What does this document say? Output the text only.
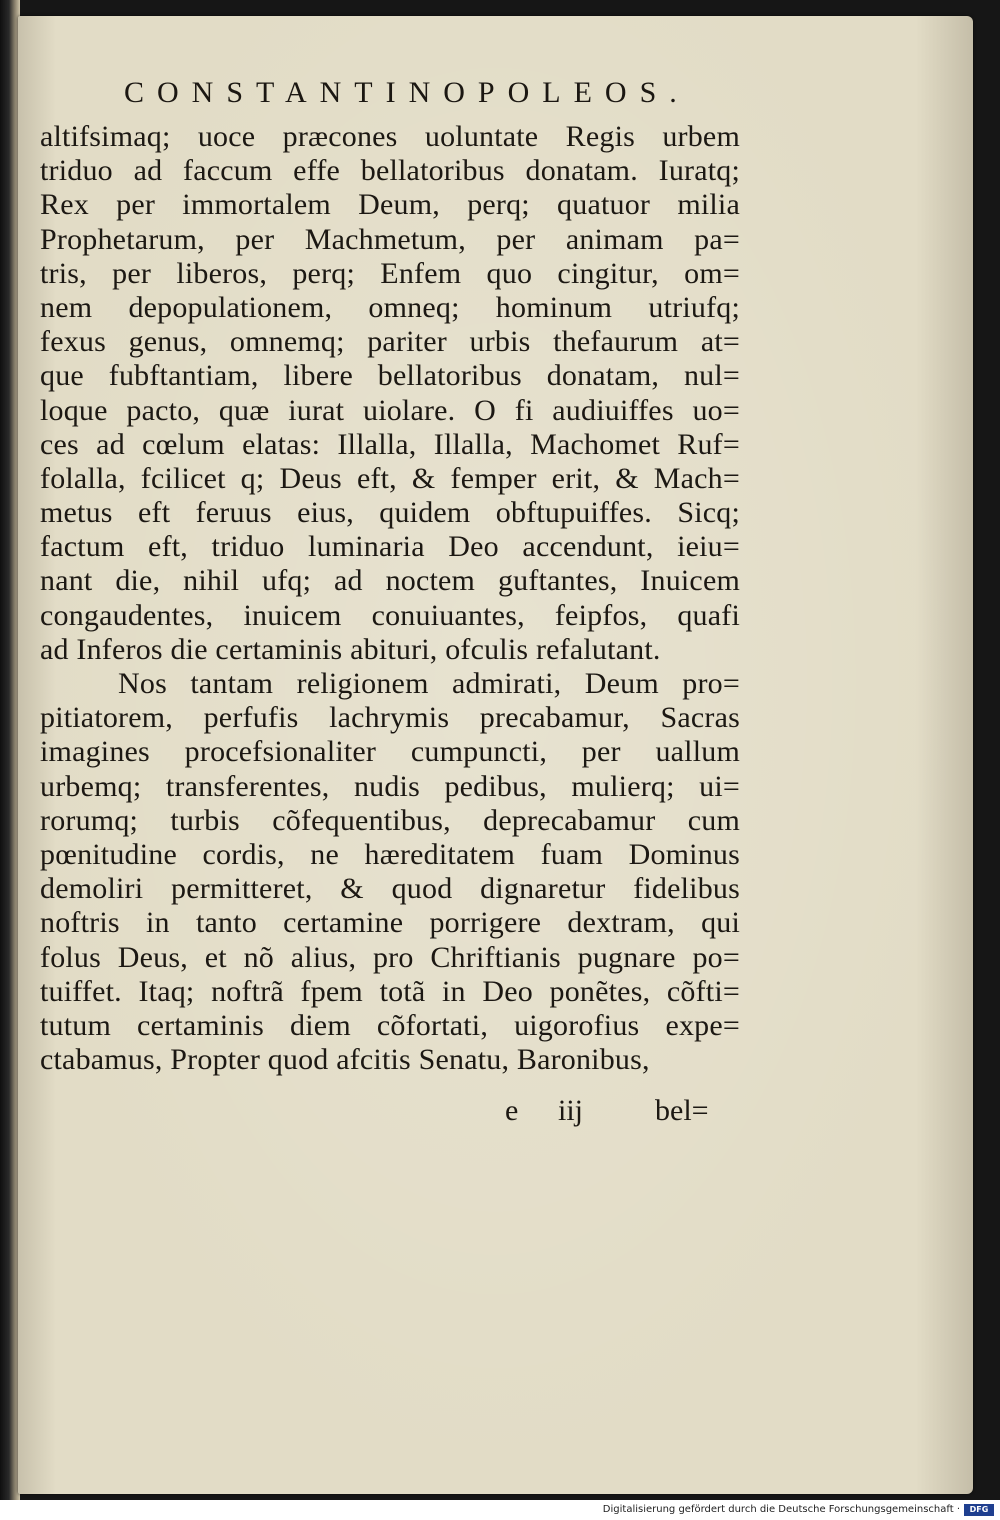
CONSTANTINOPOLEOS.
altifsimaq; uoce præcones uoluntate Regis urbem
triduo ad faccum effe bellatoribus donatam. Iuratq;
Rex per immortalem Deum, perq; quatuor milia
Prophetarum, per Machmetum, per animam pa=
tris, per liberos, perq; Enfem quo cingitur, om=
nem depopulationem, omneq; hominum utriufq;
fexus genus, omnemq; pariter urbis thefaurum at=
que fubftantiam, libere bellatoribus donatam, nul=
loque pacto, quæ iurat uiolare. O fi audiuiffes uo=
ces ad cœlum elatas: Illalla, Illalla, Machomet Ruf=
folalla, fcilicet q; Deus eft, & femper erit, & Mach=
metus eft feruus eius, quidem obftupuiffes. Sicq;
factum eft, triduo luminaria Deo accendunt, ieiu=
nant die, nihil ufq; ad noctem guftantes, Inuicem
congaudentes, inuicem conuiuantes, feipfos, quafi
ad Inferos die certaminis abituri, ofculis refalutant.
Nos tantam religionem admirati, Deum pro=
pitiatorem, perfufis lachrymis precabamur, Sacras
imagines procefsionaliter cumpuncti, per uallum
urbemq; transferentes, nudis pedibus, mulierq; ui=
rorumq; turbis cõfequentibus, deprecabamur cum
pœnitudine cordis, ne hæreditatem fuam Dominus
demoliri permitteret, & quod dignaretur fidelibus
noftris in tanto certamine porrigere dextram, qui
folus Deus, et nõ alius, pro Chriftianis pugnare po=
tuiffet. Itaq; noftrã fpem totã in Deo ponẽtes, cõfti=
tutum certaminis diem cõfortati, uigorofius expe=
ctabamus, Propter quod afcitis Senatu, Baronibus,
e iij bel=
Digitalisierung gefördert durch die Deutsche Forschungsgemeinschaft ·	DFG
